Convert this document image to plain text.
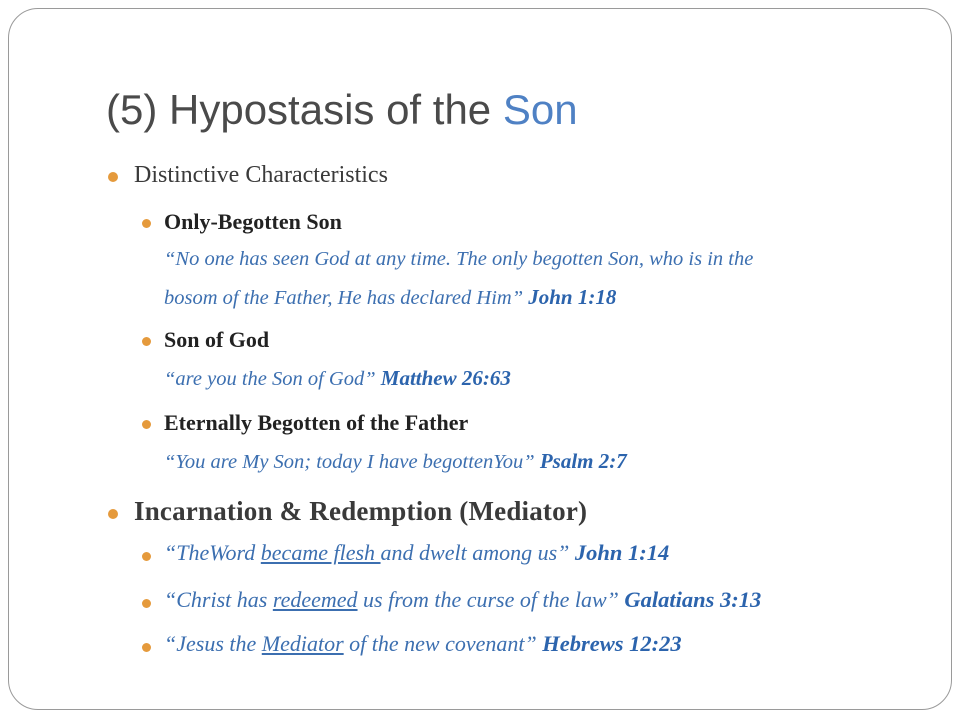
(5) Hypostasis of the Son
Distinctive Characteristics
Only-Begotten Son
“No one has seen God at any time. The only begotten Son, who is in the
bosom of the Father, He has declared Him” John 1:18
Son of God
“are you the Son of God” Matthew 26:63
Eternally Begotten of the Father
“You are My Son; today I have begottenYou” Psalm 2:7
Incarnation & Redemption (Mediator)
“TheWord became flesh and dwelt among us” John 1:14
“Christ has redeemed us from the curse of the law” Galatians 3:13
“Jesus the Mediator of the new covenant” Hebrews 12:23
